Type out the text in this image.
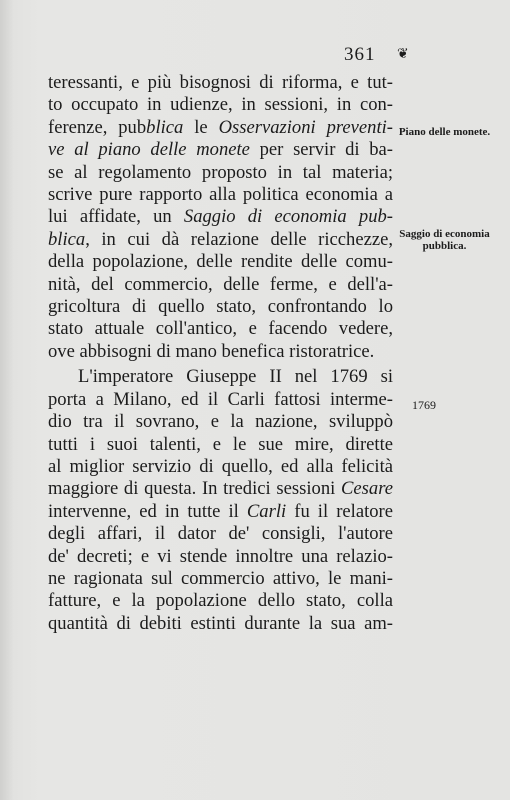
361 ❦
teressanti, e più bisognosi di riforma, e tut-
to occupato in udienze, in sessioni, in con-
ferenze, pubblica le Osservazioni preventi-
ve al piano delle monete per servir di ba-
se al regolamento proposto in tal materia;
scrive pure rapporto alla politica economia a
lui affidate, un Saggio di economia pub-
blica, in cui dà relazione delle ricchezze,
della popolazione, delle rendite delle comu-
nità, del commercio, delle ferme, e dell'a-
gricoltura di quello stato, confrontando lo
stato attuale coll'antico, e facendo vedere,
ove abbisogni di mano benefica ristoratrice.
L'imperatore Giuseppe II nel 1769 si
porta a Milano, ed il Carli fattosi interme-
dio tra il sovrano, e la nazione, sviluppò
tutti i suoi talenti, e le sue mire, dirette
al miglior servizio di quello, ed alla felicità
maggiore di questa. In tredici sessioni Cesare
intervenne, ed in tutte il Carli fu il relatore
degli affari, il dator de' consigli, l'autore
de' decreti; e vi stende innoltre una relazio-
ne ragionata sul commercio attivo, le mani-
fatture, e la popolazione dello stato, colla
quantità di debiti estinti durante la sua am-
Piano delle monete.
Saggio di economia pubblica.
1769
